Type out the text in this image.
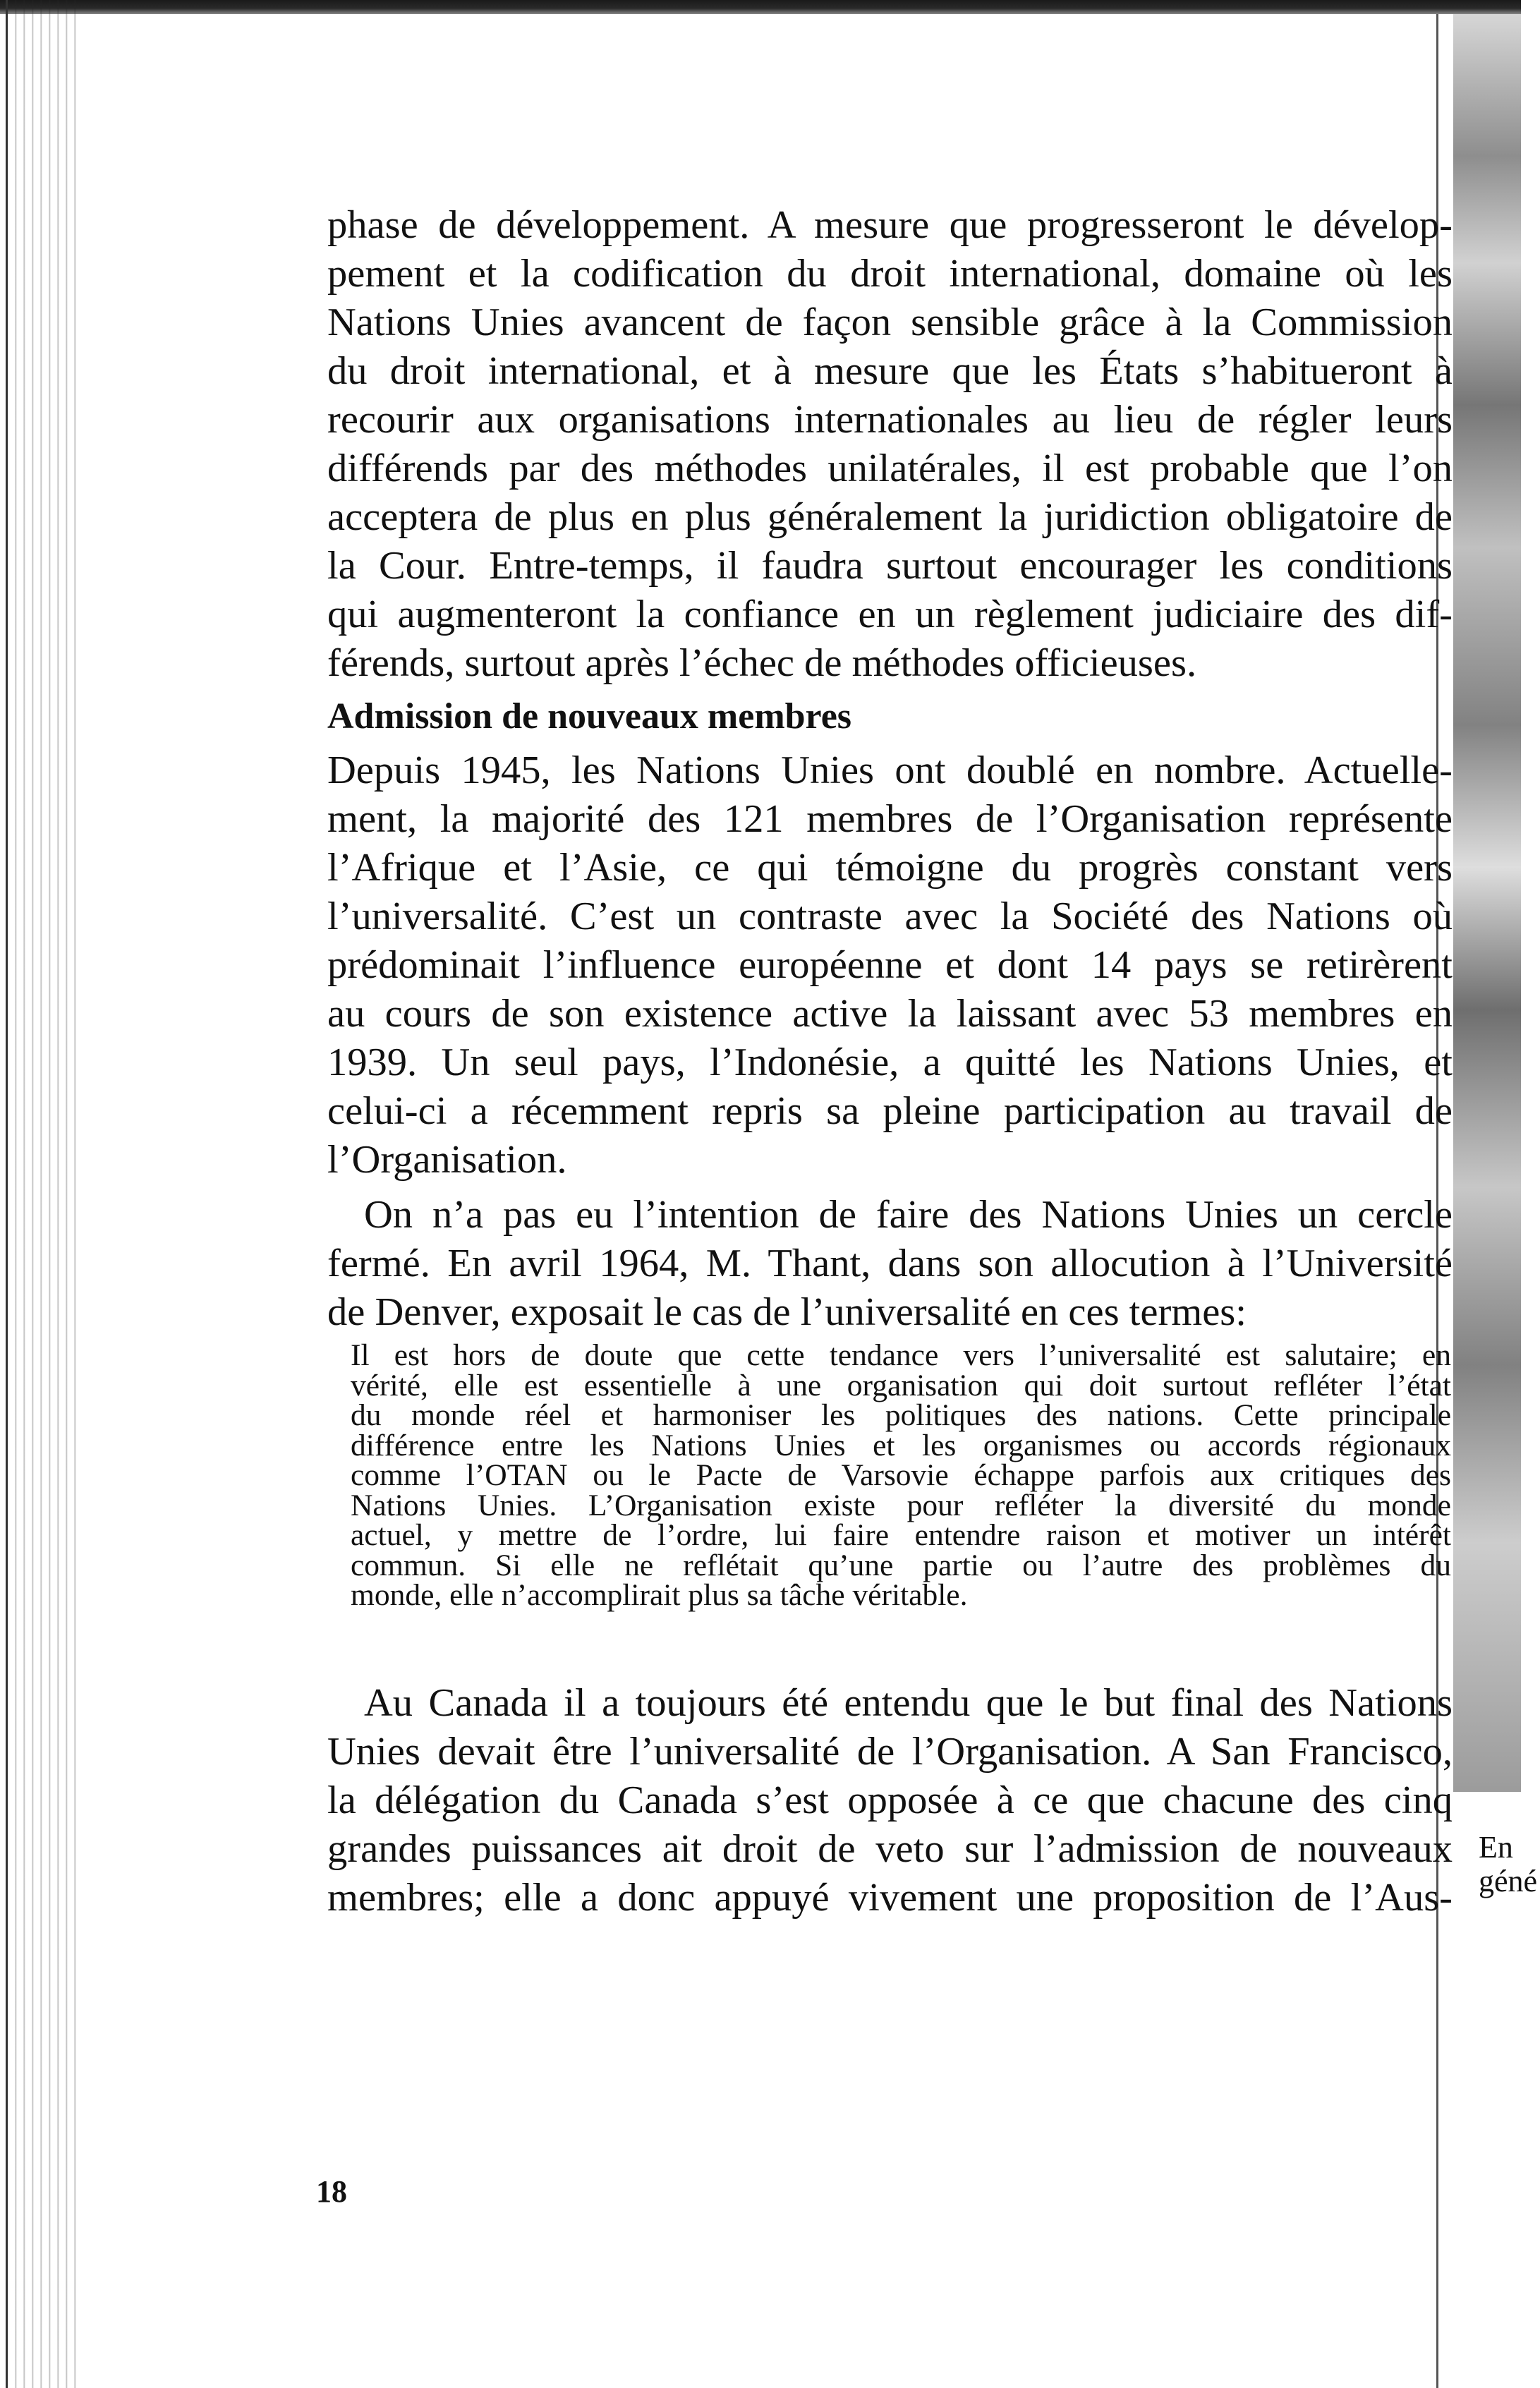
phase de développement. A mesure que progresseront le dévelop-
pement et la codification du droit international, domaine où les
Nations Unies avancent de façon sensible grâce à la Commission
du droit international, et à mesure que les États s’habitueront à
recourir aux organisations internationales au lieu de régler leurs
différends par des méthodes unilatérales, il est probable que l’on
acceptera de plus en plus généralement la juridiction obligatoire de
la Cour. Entre-temps, il faudra surtout encourager les conditions
qui augmenteront la confiance en un règlement judiciaire des dif-
férends, surtout après l’échec de méthodes officieuses.
Admission de nouveaux membres
Depuis 1945, les Nations Unies ont doublé en nombre. Actuelle-
ment, la majorité des 121 membres de l’Organisation représente
l’Afrique et l’Asie, ce qui témoigne du progrès constant vers
l’universalité. C’est un contraste avec la Société des Nations où
prédominait l’influence européenne et dont 14 pays se retirèrent
au cours de son existence active la laissant avec 53 membres en
1939. Un seul pays, l’Indonésie, a quitté les Nations Unies, et
celui-ci a récemment repris sa pleine participation au travail de
l’Organisation.
On n’a pas eu l’intention de faire des Nations Unies un cercle
fermé. En avril 1964, M. Thant, dans son allocution à l’Université
de Denver, exposait le cas de l’universalité en ces termes:
Il est hors de doute que cette tendance vers l’universalité est salutaire; en
vérité, elle est essentielle à une organisation qui doit surtout refléter l’état
du monde réel et harmoniser les politiques des nations. Cette principale
différence entre les Nations Unies et les organismes ou accords régionaux
comme l’OTAN ou le Pacte de Varsovie échappe parfois aux critiques des
Nations Unies. L’Organisation existe pour refléter la diversité du monde
actuel, y mettre de l’ordre, lui faire entendre raison et motiver un intérêt
commun. Si elle ne reflétait qu’une partie ou l’autre des problèmes du
monde, elle n’accomplirait plus sa tâche véritable.
Au Canada il a toujours été entendu que le but final des Nations
Unies devait être l’universalité de l’Organisation. A San Francisco,
la délégation du Canada s’est opposée à ce que chacune des cinq
grandes puissances ait droit de veto sur l’admission de nouveaux
membres; elle a donc appuyé vivement une proposition de l’Aus-
En
géné
18
